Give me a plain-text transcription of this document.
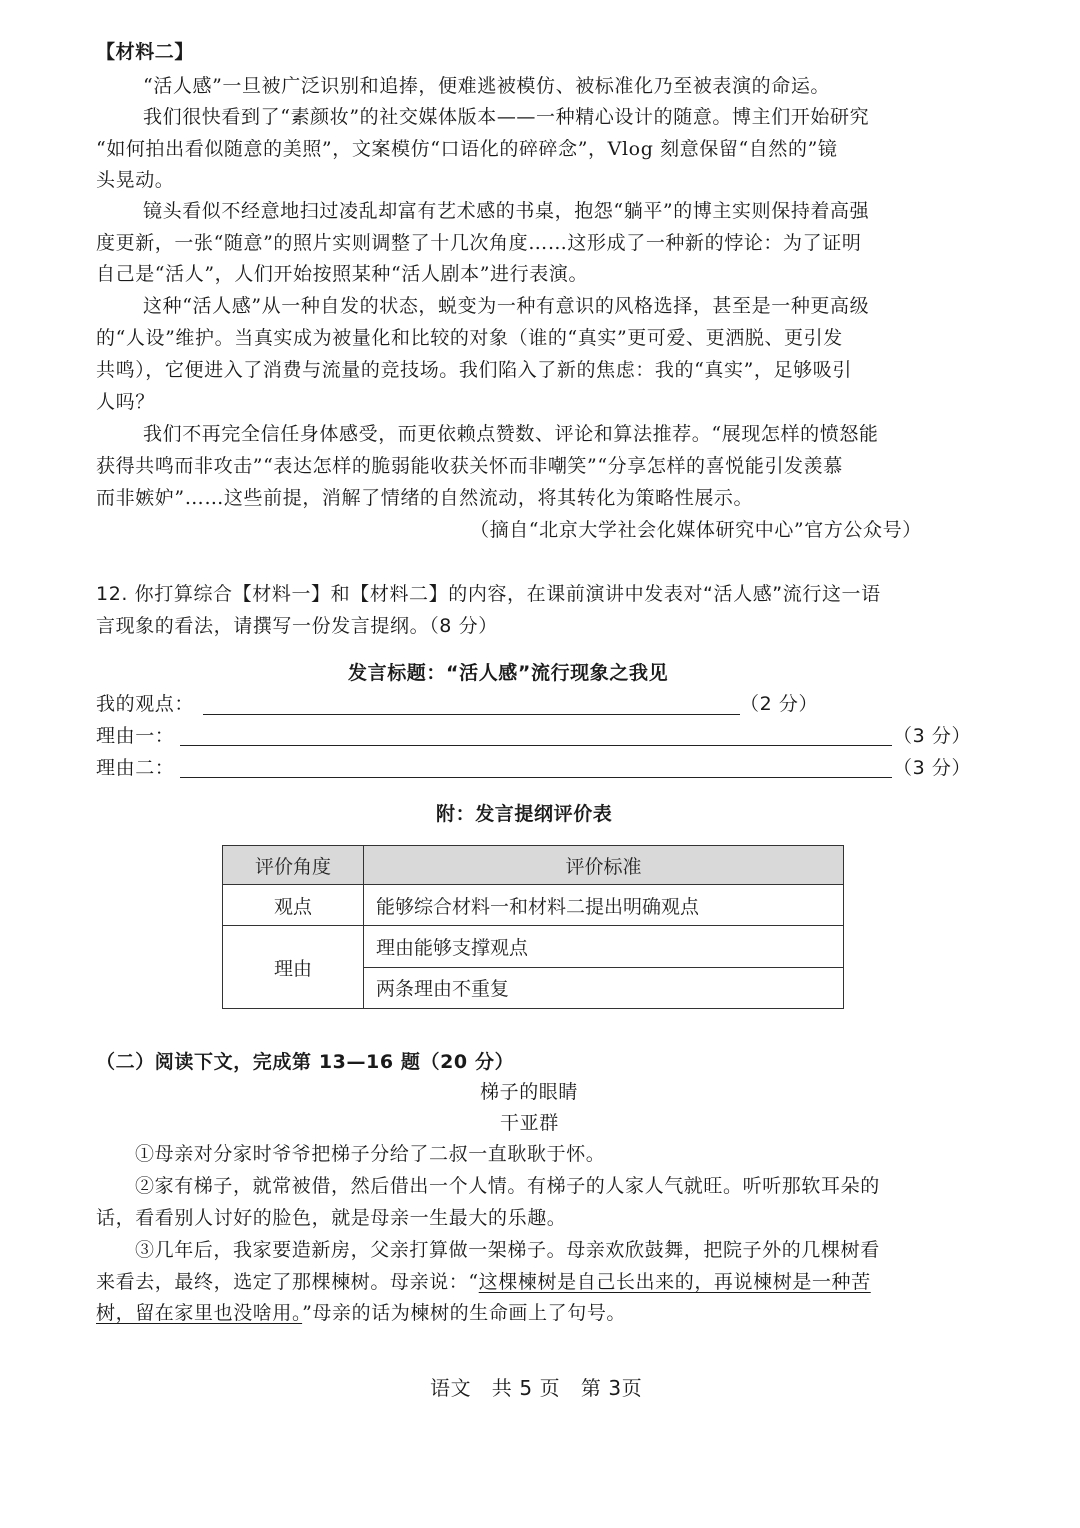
【材料二】
“活人感”一旦被广泛识别和追捧，便难逃被模仿、被标准化乃至被表演的命运。
我们很快看到了“素颜妆”的社交媒体版本——一种精心设计的随意。博主们开始研究
“如何拍出看似随意的美照”，文案模仿“口语化的碎碎念”，Vlog 刻意保留“自然的”镜
头晃动。
镜头看似不经意地扫过凌乱却富有艺术感的书桌，抱怨“躺平”的博主实则保持着高强
度更新，一张“随意”的照片实则调整了十几次角度……这形成了一种新的悖论：为了证明
自己是“活人”，人们开始按照某种“活人剧本”进行表演。
这种“活人感”从一种自发的状态，蜕变为一种有意识的风格选择，甚至是一种更高级
的“人设”维护。当真实成为被量化和比较的对象（谁的“真实”更可爱、更洒脱、更引发
共鸣），它便进入了消费与流量的竞技场。我们陷入了新的焦虑：我的“真实”，足够吸引
人吗？
我们不再完全信任身体感受，而更依赖点赞数、评论和算法推荐。“展现怎样的愤怒能
获得共鸣而非攻击”“表达怎样的脆弱能收获关怀而非嘲笑”“分享怎样的喜悦能引发羡慕
而非嫉妒”……这些前提，消解了情绪的自然流动，将其转化为策略性展示。
（摘自“北京大学社会化媒体研究中心”官方公众号）
12. 你打算综合【材料一】和【材料二】的内容，在课前演讲中发表对“活人感”流行这一语
言现象的看法，请撰写一份发言提纲。（8 分）
发言标题：“活人感”流行现象之我见
我的观点：	（2 分）
理由一：	（3 分）
理由二：	（3 分）
附：发言提纲评价表
评价角度	评价标准
观点	能够综合材料一和材料二提出明确观点
理由	理由能够支撑观点
	两条理由不重复
（二）阅读下文，完成第 13—16 题（20 分）
梯子的眼睛
干亚群
①母亲对分家时爷爷把梯子分给了二叔一直耿耿于怀。
②家有梯子，就常被借，然后借出一个人情。有梯子的人家人气就旺。听听那软耳朵的
话，看看别人讨好的脸色，就是母亲一生最大的乐趣。
③几年后，我家要造新房，父亲打算做一架梯子。母亲欢欣鼓舞，把院子外的几棵树看
来看去，最终，选定了那棵楝树。母亲说：“这棵楝树是自己长出来的，再说楝树是一种苦
树，留在家里也没啥用。”母亲的话为楝树的生命画上了句号。
语文　共 5 页　第 3页
